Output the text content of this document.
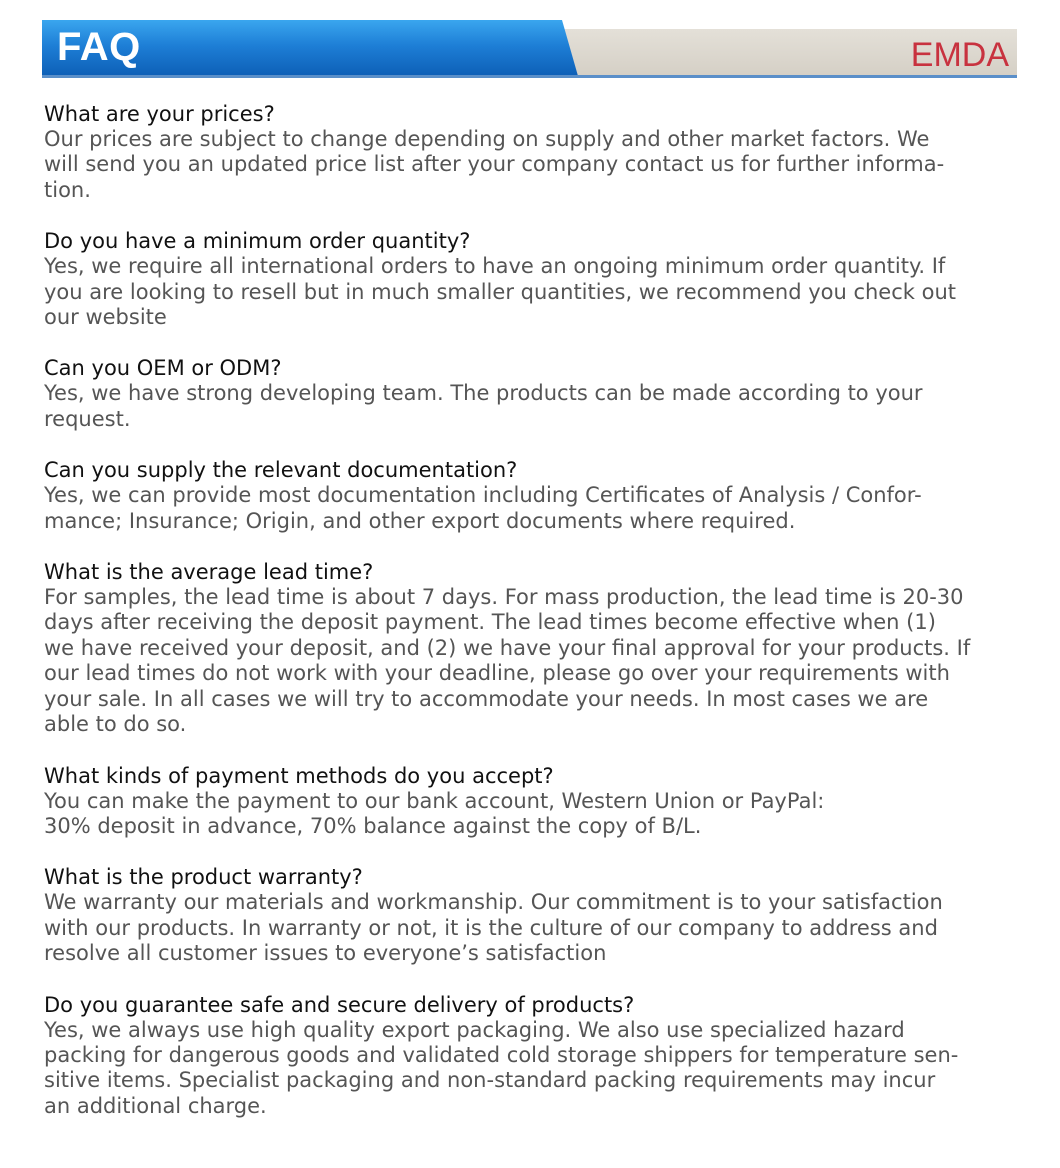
FAQ	EMDA

What are your prices?

Our prices are subject to change depending on supply and other market factors. We
will send you an updated price list after your company contact us for further informa-
tion.

Do you have a minimum order quantity?

Yes, we require all international orders to have an ongoing minimum order quantity. If
you are looking to resell but in much smaller quantities, we recommend you check out
our website

Can you OEM or ODM?

Yes, we have strong developing team. The products can be made according to your
request.

Can you supply the relevant documentation?

Yes, we can provide most documentation including Certificates of Analysis / Confor-
mance; Insurance; Origin, and other export documents where required.

What is the average lead time?

For samples, the lead time is about 7 days. For mass production, the lead time is 20-30
days after receiving the deposit payment. The lead times become effective when (1)
we have received your deposit, and (2) we have your final approval for your products. If
our lead times do not work with your deadline, please go over your requirements with
your sale. In all cases we will try to accommodate your needs. In most cases we are
able to do so.

What kinds of payment methods do you accept?

You can make the payment to our bank account, Western Union or PayPal:
30% deposit in advance, 70% balance against the copy of B/L.

What is the product warranty?

We warranty our materials and workmanship. Our commitment is to your satisfaction
with our products. In warranty or not, it is the culture of our company to address and
resolve all customer issues to everyone’s satisfaction

Do you guarantee safe and secure delivery of products?

Yes, we always use high quality export packaging. We also use specialized hazard
packing for dangerous goods and validated cold storage shippers for temperature sen-
sitive items. Specialist packaging and non-standard packing requirements may incur
an additional charge.
